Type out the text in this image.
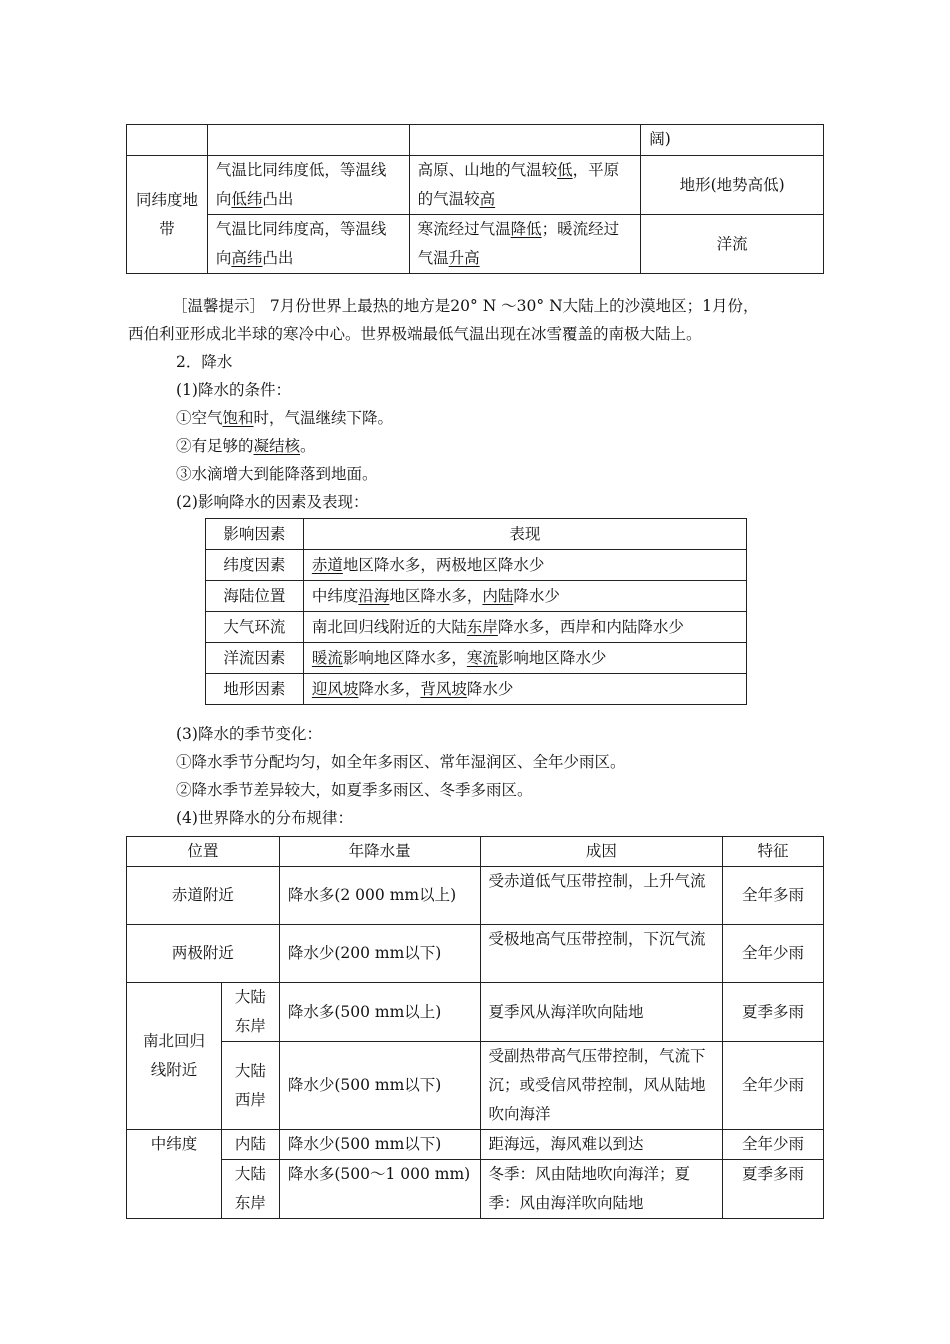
			阔)
同纬度地带	气温比同纬度低，等温线向低纬凸出	高原、山地的气温较低，平原的气温较高	地形(地势高低)
	气温比同纬度高，等温线向高纬凸出	寒流经过气温降低；暖流经过气温升高	洋流

［温馨提示］ 7月份世界上最热的地方是20° N ～30° N大陆上的沙漠地区；1月份，

西伯利亚形成北半球的寒冷中心。世界极端最低气温出现在冰雪覆盖的南极大陆上。

2．降水

(1)降水的条件：

①空气饱和时，气温继续下降。

②有足够的凝结核。

③水滴增大到能降落到地面。

(2)影响降水的因素及表现：

影响因素	表现
纬度因素	赤道地区降水多，两极地区降水少
海陆位置	中纬度沿海地区降水多，内陆降水少
大气环流	南北回归线附近的大陆东岸降水多，西岸和内陆降水少
洋流因素	暖流影响地区降水多，寒流影响地区降水少
地形因素	迎风坡降水多，背风坡降水少

(3)降水的季节变化：

①降水季节分配均匀，如全年多雨区、常年湿润区、全年少雨区。

②降水季节差异较大，如夏季多雨区、冬季多雨区。

(4)世界降水的分布规律：

位置		年降水量	成因	特征
赤道附近		降水多(2 000 mm以上)	受赤道低气压带控制，上升气流	全年多雨
两极附近		降水少(200 mm以下)	受极地高气压带控制，下沉气流	全年少雨
南北回归线附近	大陆东岸	降水多(500 mm以上)	夏季风从海洋吹向陆地	夏季多雨
	大陆西岸	降水少(500 mm以下)	受副热带高气压带控制，气流下沉；或受信风带控制，风从陆地吹向海洋	全年少雨
中纬度	内陆	降水少(500 mm以下)	距海远，海风难以到达	全年少雨
	大陆东岸	降水多(500～1 000 mm)	冬季：风由陆地吹向海洋；夏季：风由海洋吹向陆地	夏季多雨
